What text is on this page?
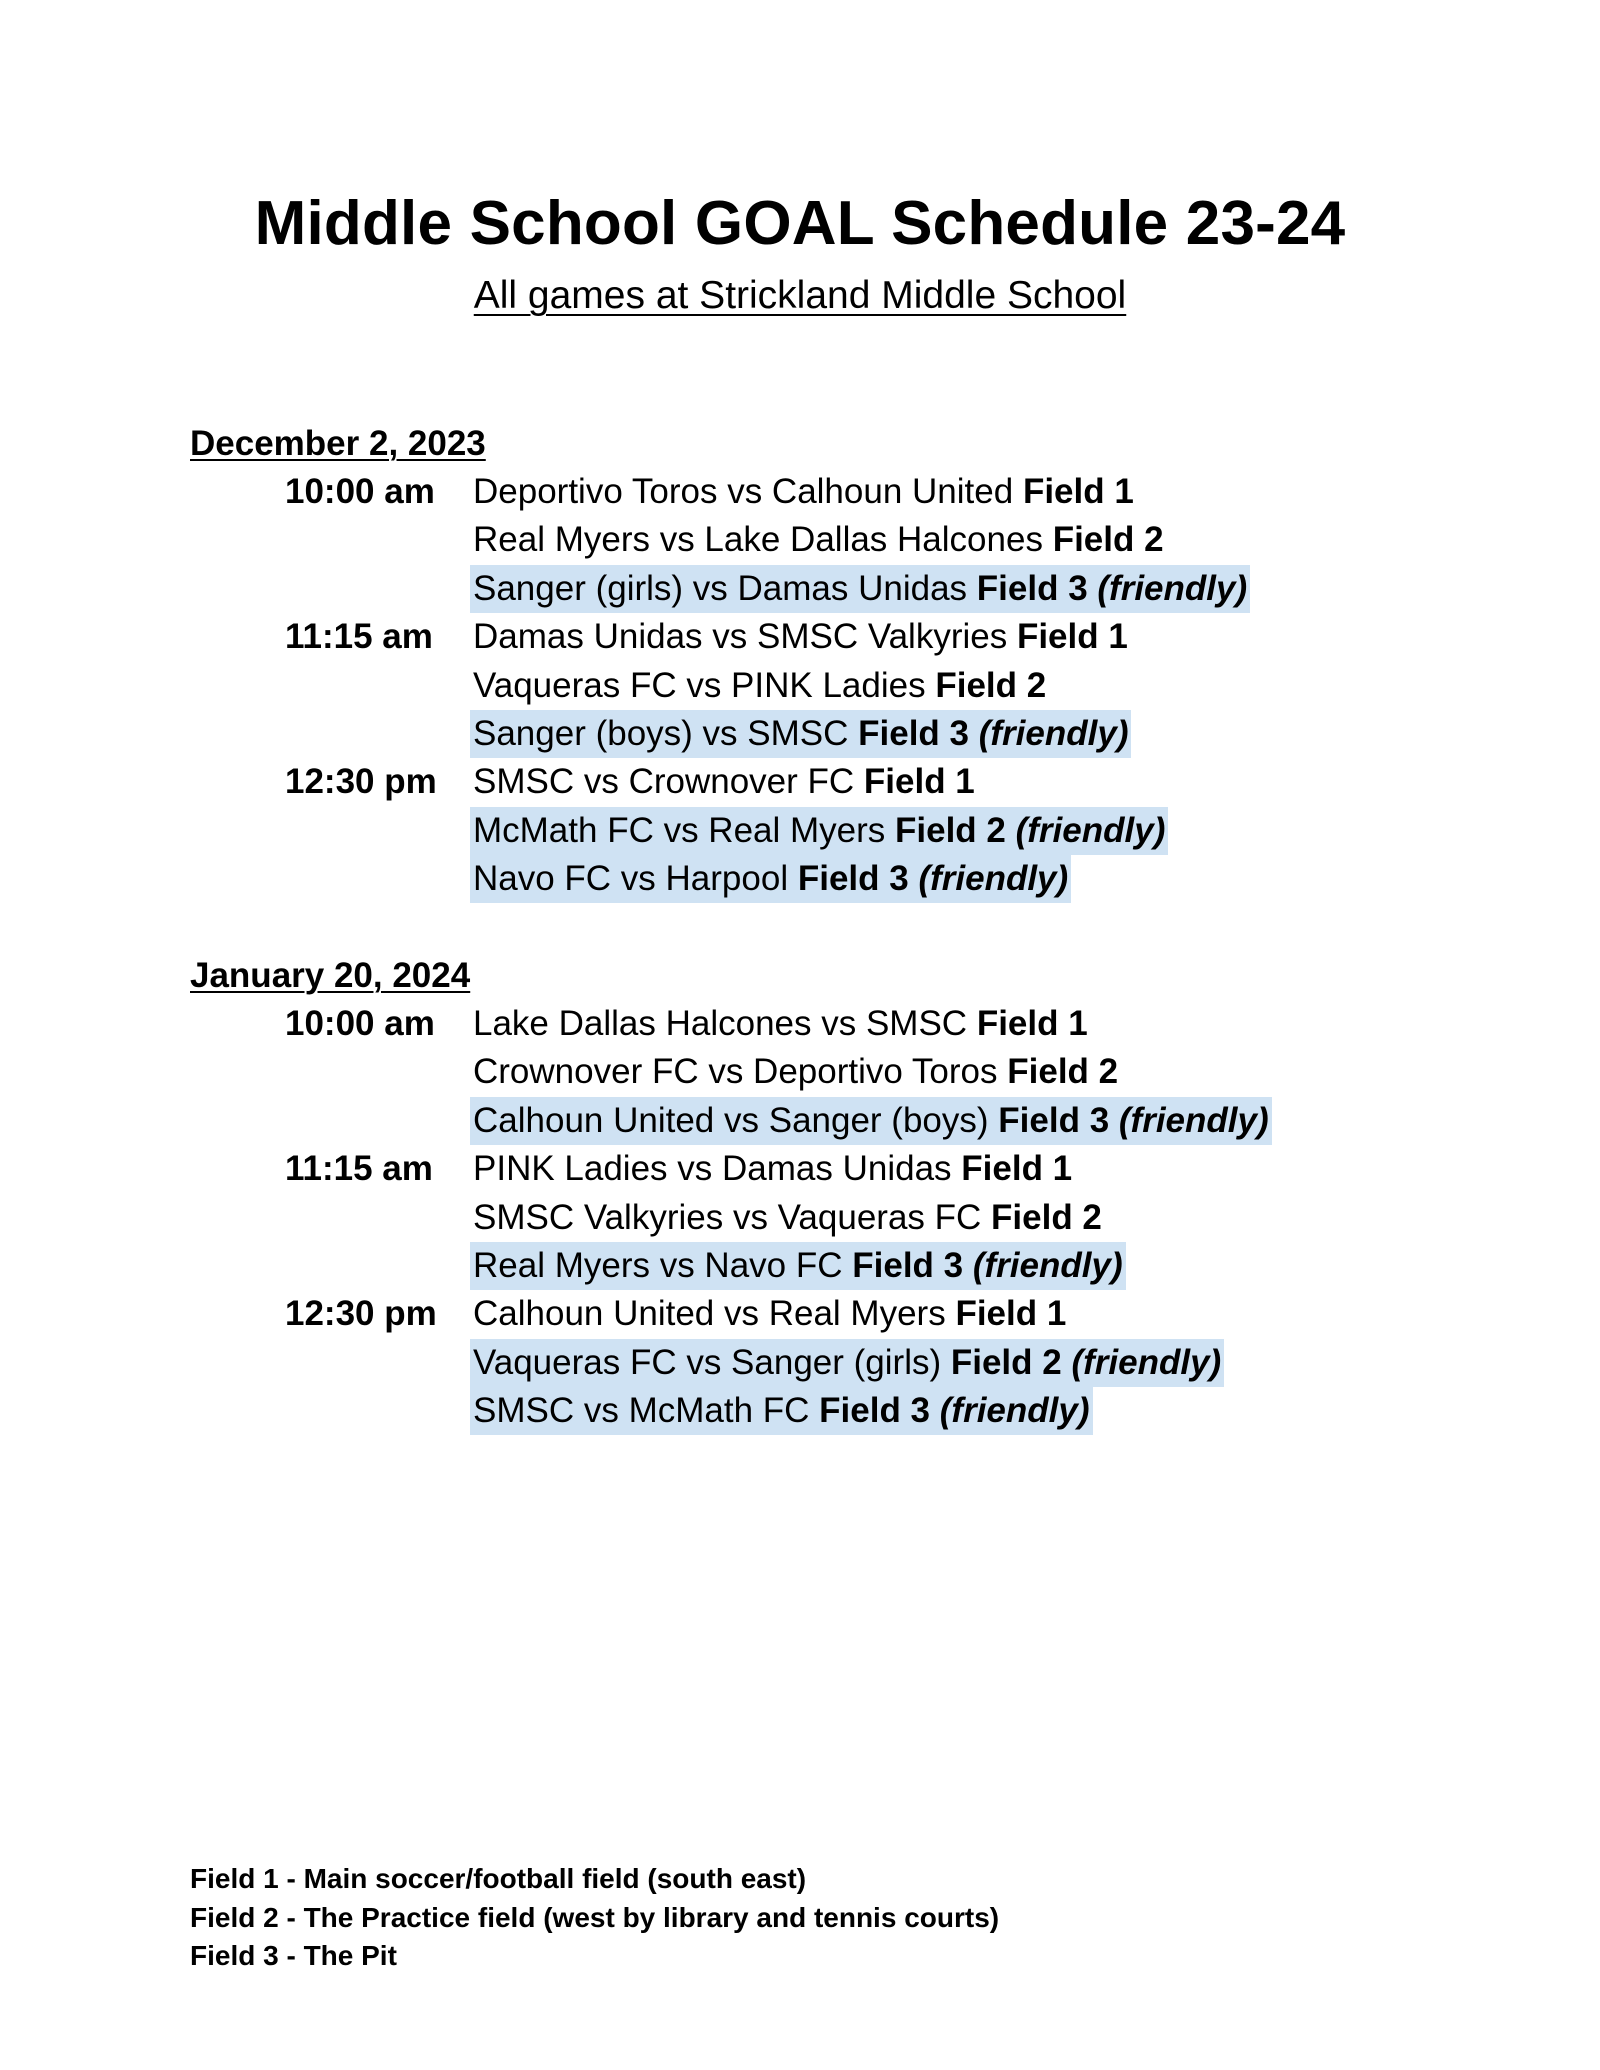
Middle School GOAL Schedule 23-24
All games at Strickland Middle School
December 2, 2023
10:00 am Deportivo Toros vs Calhoun United Field 1
Real Myers vs Lake Dallas Halcones Field 2
Sanger (girls) vs Damas Unidas Field 3 (friendly)
11:15 am Damas Unidas vs SMSC Valkyries Field 1
Vaqueras FC vs PINK Ladies Field 2
Sanger (boys) vs SMSC Field 3 (friendly)
12:30 pm SMSC vs Crownover FC Field 1
McMath FC vs Real Myers Field 2 (friendly)
Navo FC vs Harpool Field 3 (friendly)
January 20, 2024
10:00 am Lake Dallas Halcones vs SMSC Field 1
Crownover FC vs Deportivo Toros Field 2
Calhoun United vs Sanger (boys) Field 3 (friendly)
11:15 am PINK Ladies vs Damas Unidas Field 1
SMSC Valkyries vs Vaqueras FC Field 2
Real Myers vs Navo FC Field 3 (friendly)
12:30 pm Calhoun United vs Real Myers Field 1
Vaqueras FC vs Sanger (girls) Field 2 (friendly)
SMSC vs McMath FC Field 3 (friendly)
Field 1 - Main soccer/football field (south east)
Field 2 - The Practice field (west by library and tennis courts)
Field 3 - The Pit
